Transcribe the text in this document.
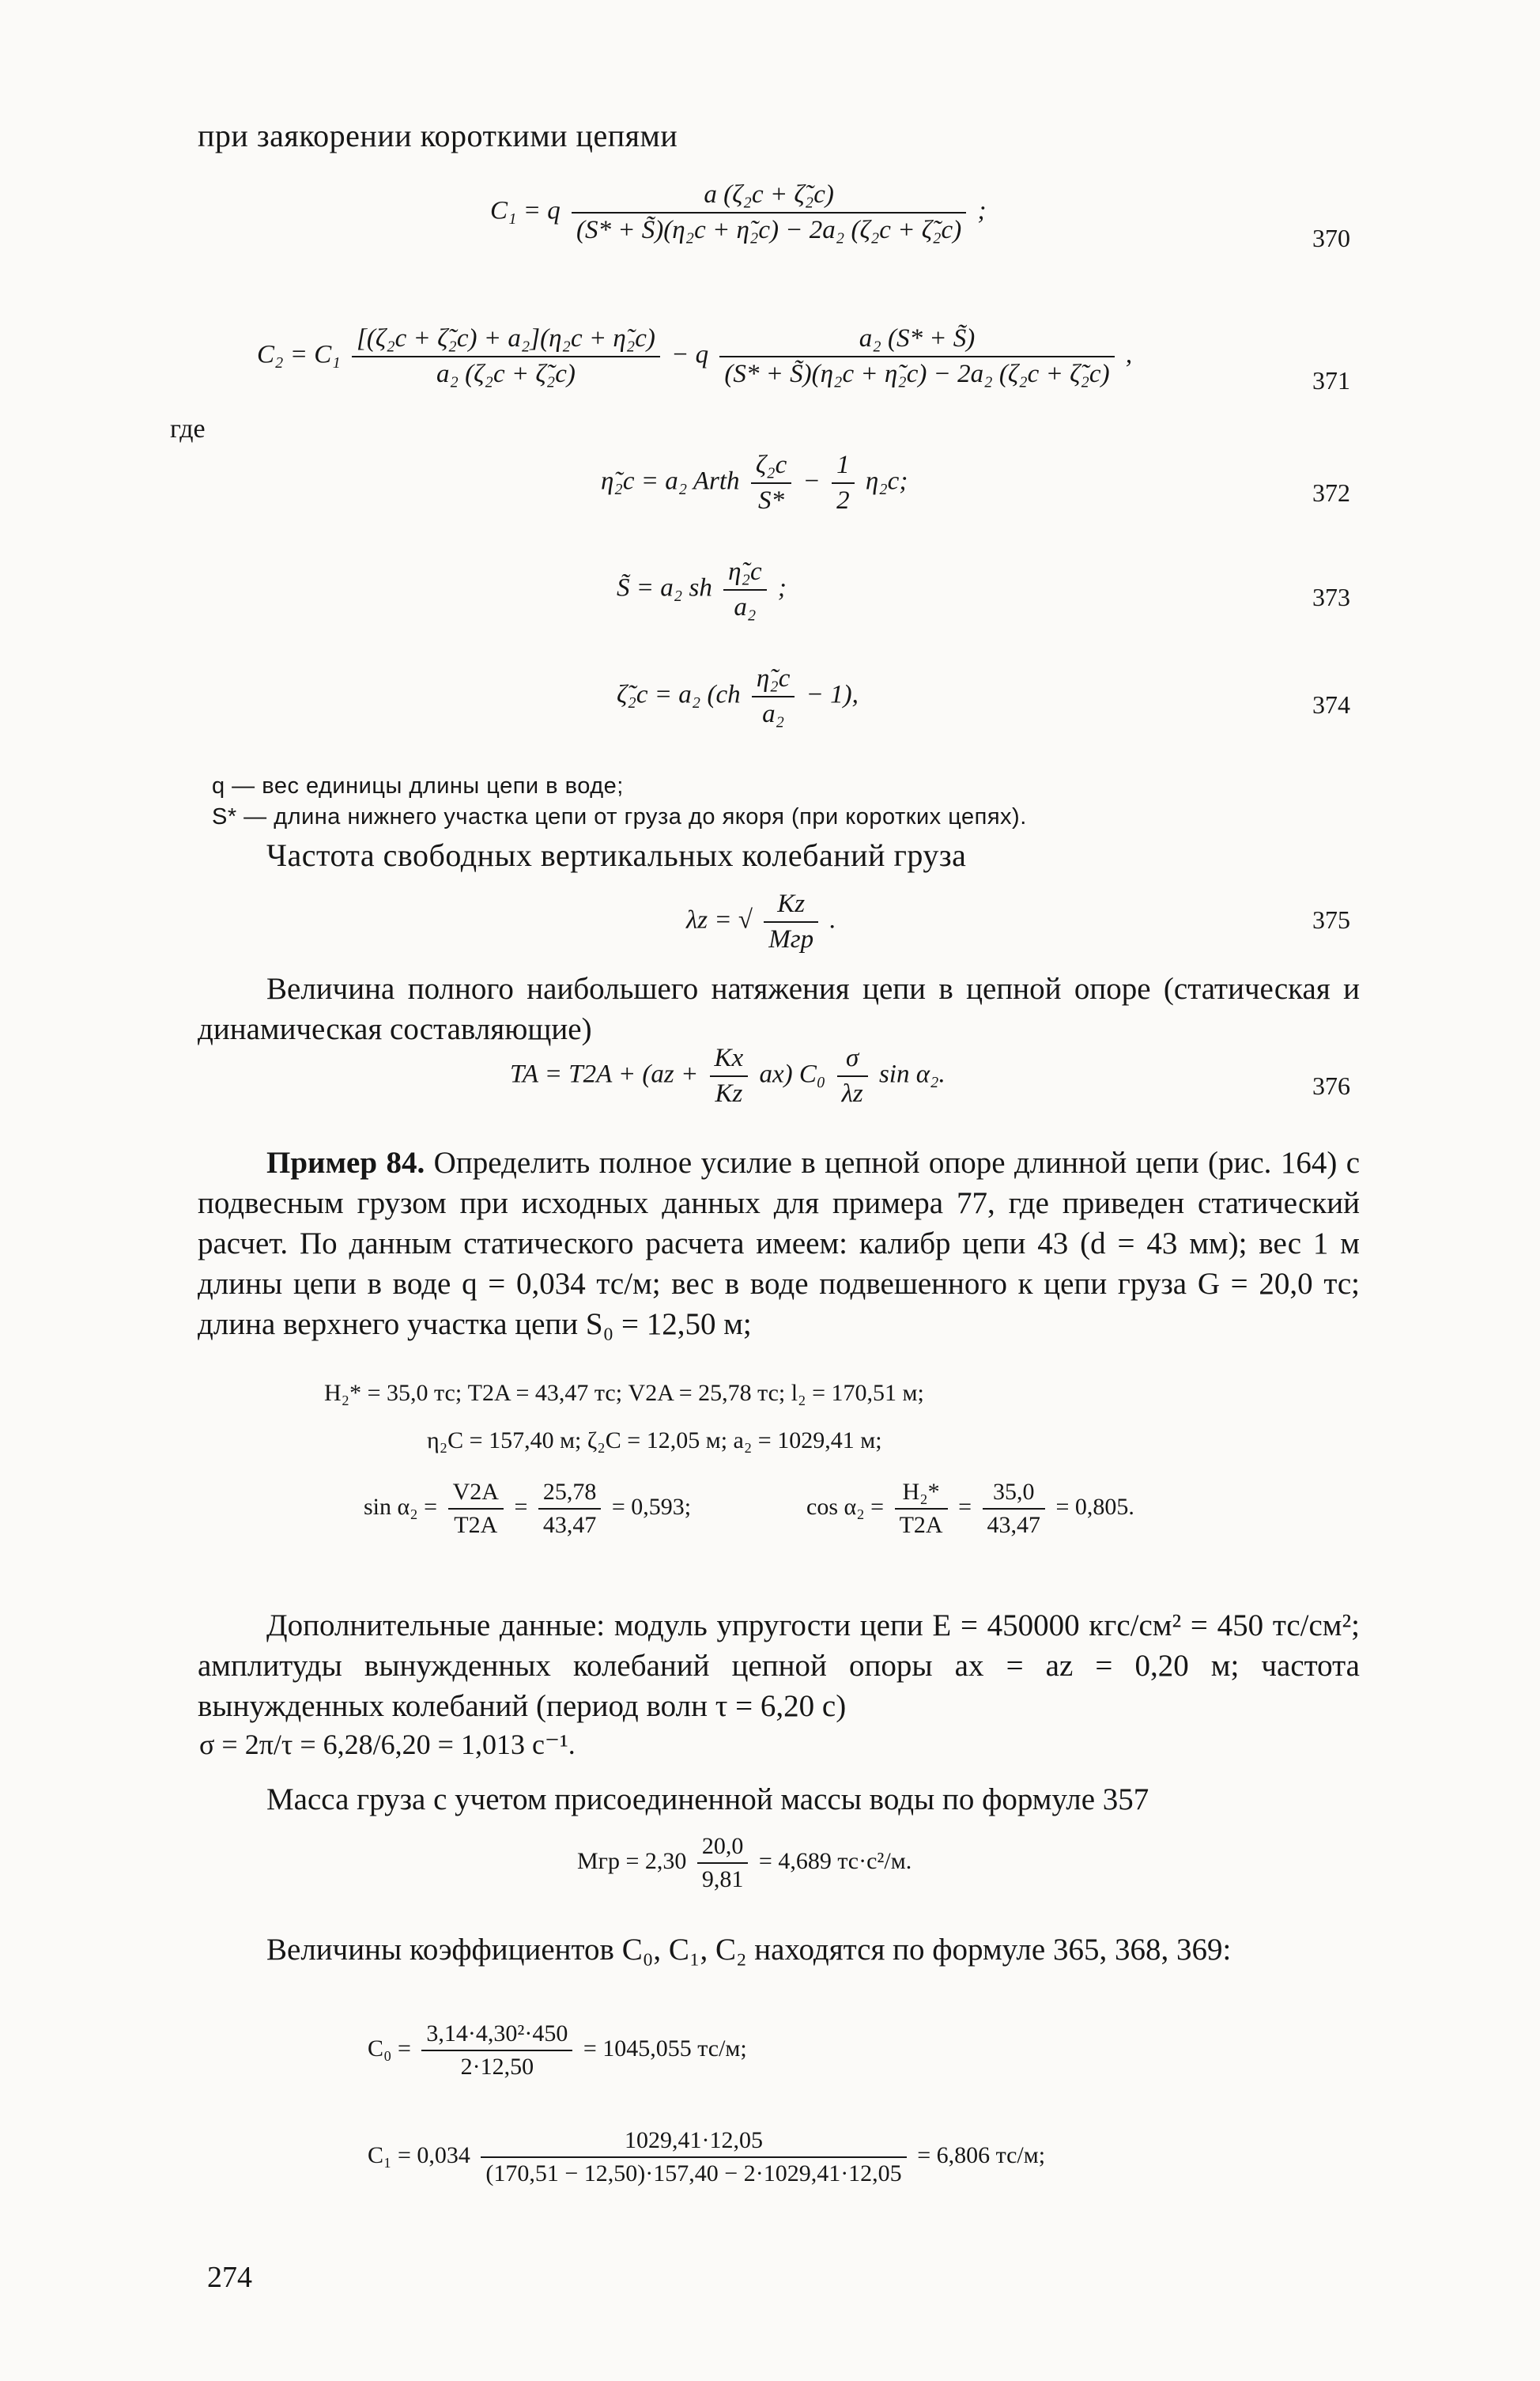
при заякорении короткими цепями
C₁ = q $\frac{\text{a (ζ₂c + ζ̃₂c)}}{\text{(S* + S̃)(η₂c + η̃₂c) − 2a₂ (ζ₂c + ζ̃₂c)}}$ ;
370
$C_2 = C_1 \frac{\text{[(ζ₂c + ζ̃₂c) + a₂](η₂c + η̃₂c)}}{\text{a₂ (ζ₂c + ζ̃₂c)}} - q \frac{\text{a₂ (S* + S̃)}}{\text{(S* + S̃)(η₂c + η̃₂c) − 2a₂ (ζ₂c + ζ̃₂c)}}$ ,
371
где
η̃₂c = a₂ Arth $\frac{\text{ζ₂c}}{S*} - \frac{1}{2} \eta_2c$;	372
S̃ = a₂ sh $\frac{\text{η̃₂c}}{\text{a₂}}$ ;	373
ζ̃₂c = a₂ $(ch \frac{\text{η̃₂c}}{\text{a₂}} - 1)$,	374
q — вес единицы длины цепи в воде;
S* — длина нижнего участка цепи от груза до якоря (при коротких цепях).
Частота свободных вертикальных колебаний груза
λz = √ $\frac{Kz}{\text{Mгр}}$ .	375
Величина полного наибольшего натяжения цепи в цепной опоре (статическая и динамическая составляющие)
TA = $T2A + (az + \frac{Kx}{Kz} ax)$ $C_0 \frac{\sigma}{\lambda z}$ sin α₂.	376
Пример 84. Определить полное усилие в цепной опоре длинной цепи (рис. 164) с подвесным грузом при исходных данных для примера 77, где приведен статический расчет. По данным статического расчета имеем: калибр цепи 43 (d = 43 мм); вес 1 м длины цепи в воде q = 0,034 тс/м; вес в воде подвешенного к цепи груза G = 20,0 тс; длина верхнего участка цепи S₀ = 12,50 м;
H₂* = 35,0 тс; T2A = 43,47 тс; V2A = 25,78 тс; l₂ = 170,51 м;
η₂C = 157,40 м; ζ₂C = 12,05 м; a₂ = 1029,41 м;
$\sin \alpha_2 = \frac{V2A}{T2A} = \frac{25,78}{43,47} = 0,593$;	$\cos \alpha_2 = \frac{\text{H₂*}}{T2A} = \frac{35,0}{43,47} = 0,805$.
Дополнительные данные: модуль упругости цепи E = 450000 кгс/см² = 450 тс/см²; амплитуды вынужденных колебаний цепной опоры ax = az = 0,20 м; частота вынужденных колебаний (период волн τ = 6,20 с)
σ = 2π/τ = 6,28/6,20 = 1,013 с⁻¹.
Масса груза с учетом присоединенной массы воды по формуле 357
Mгр = $2,30 \frac{20,0}{9,81} = 4,689$ тс·с²/м.
Величины коэффициентов C₀, C₁, C₂ находятся по формуле 365, 368, 369:
$C_0 = \frac{\text{3,14·4,30²·450}}{2\cdot 12,50} = 1045,055$ тс/м;
$C_1 = 0,034 \frac{1029,41\cdot 12,05}{(170,51 - 12,50)\cdot 157,40 - 2\cdot 1029,41\cdot 12,05} = 6,806$ тс/м;
274
